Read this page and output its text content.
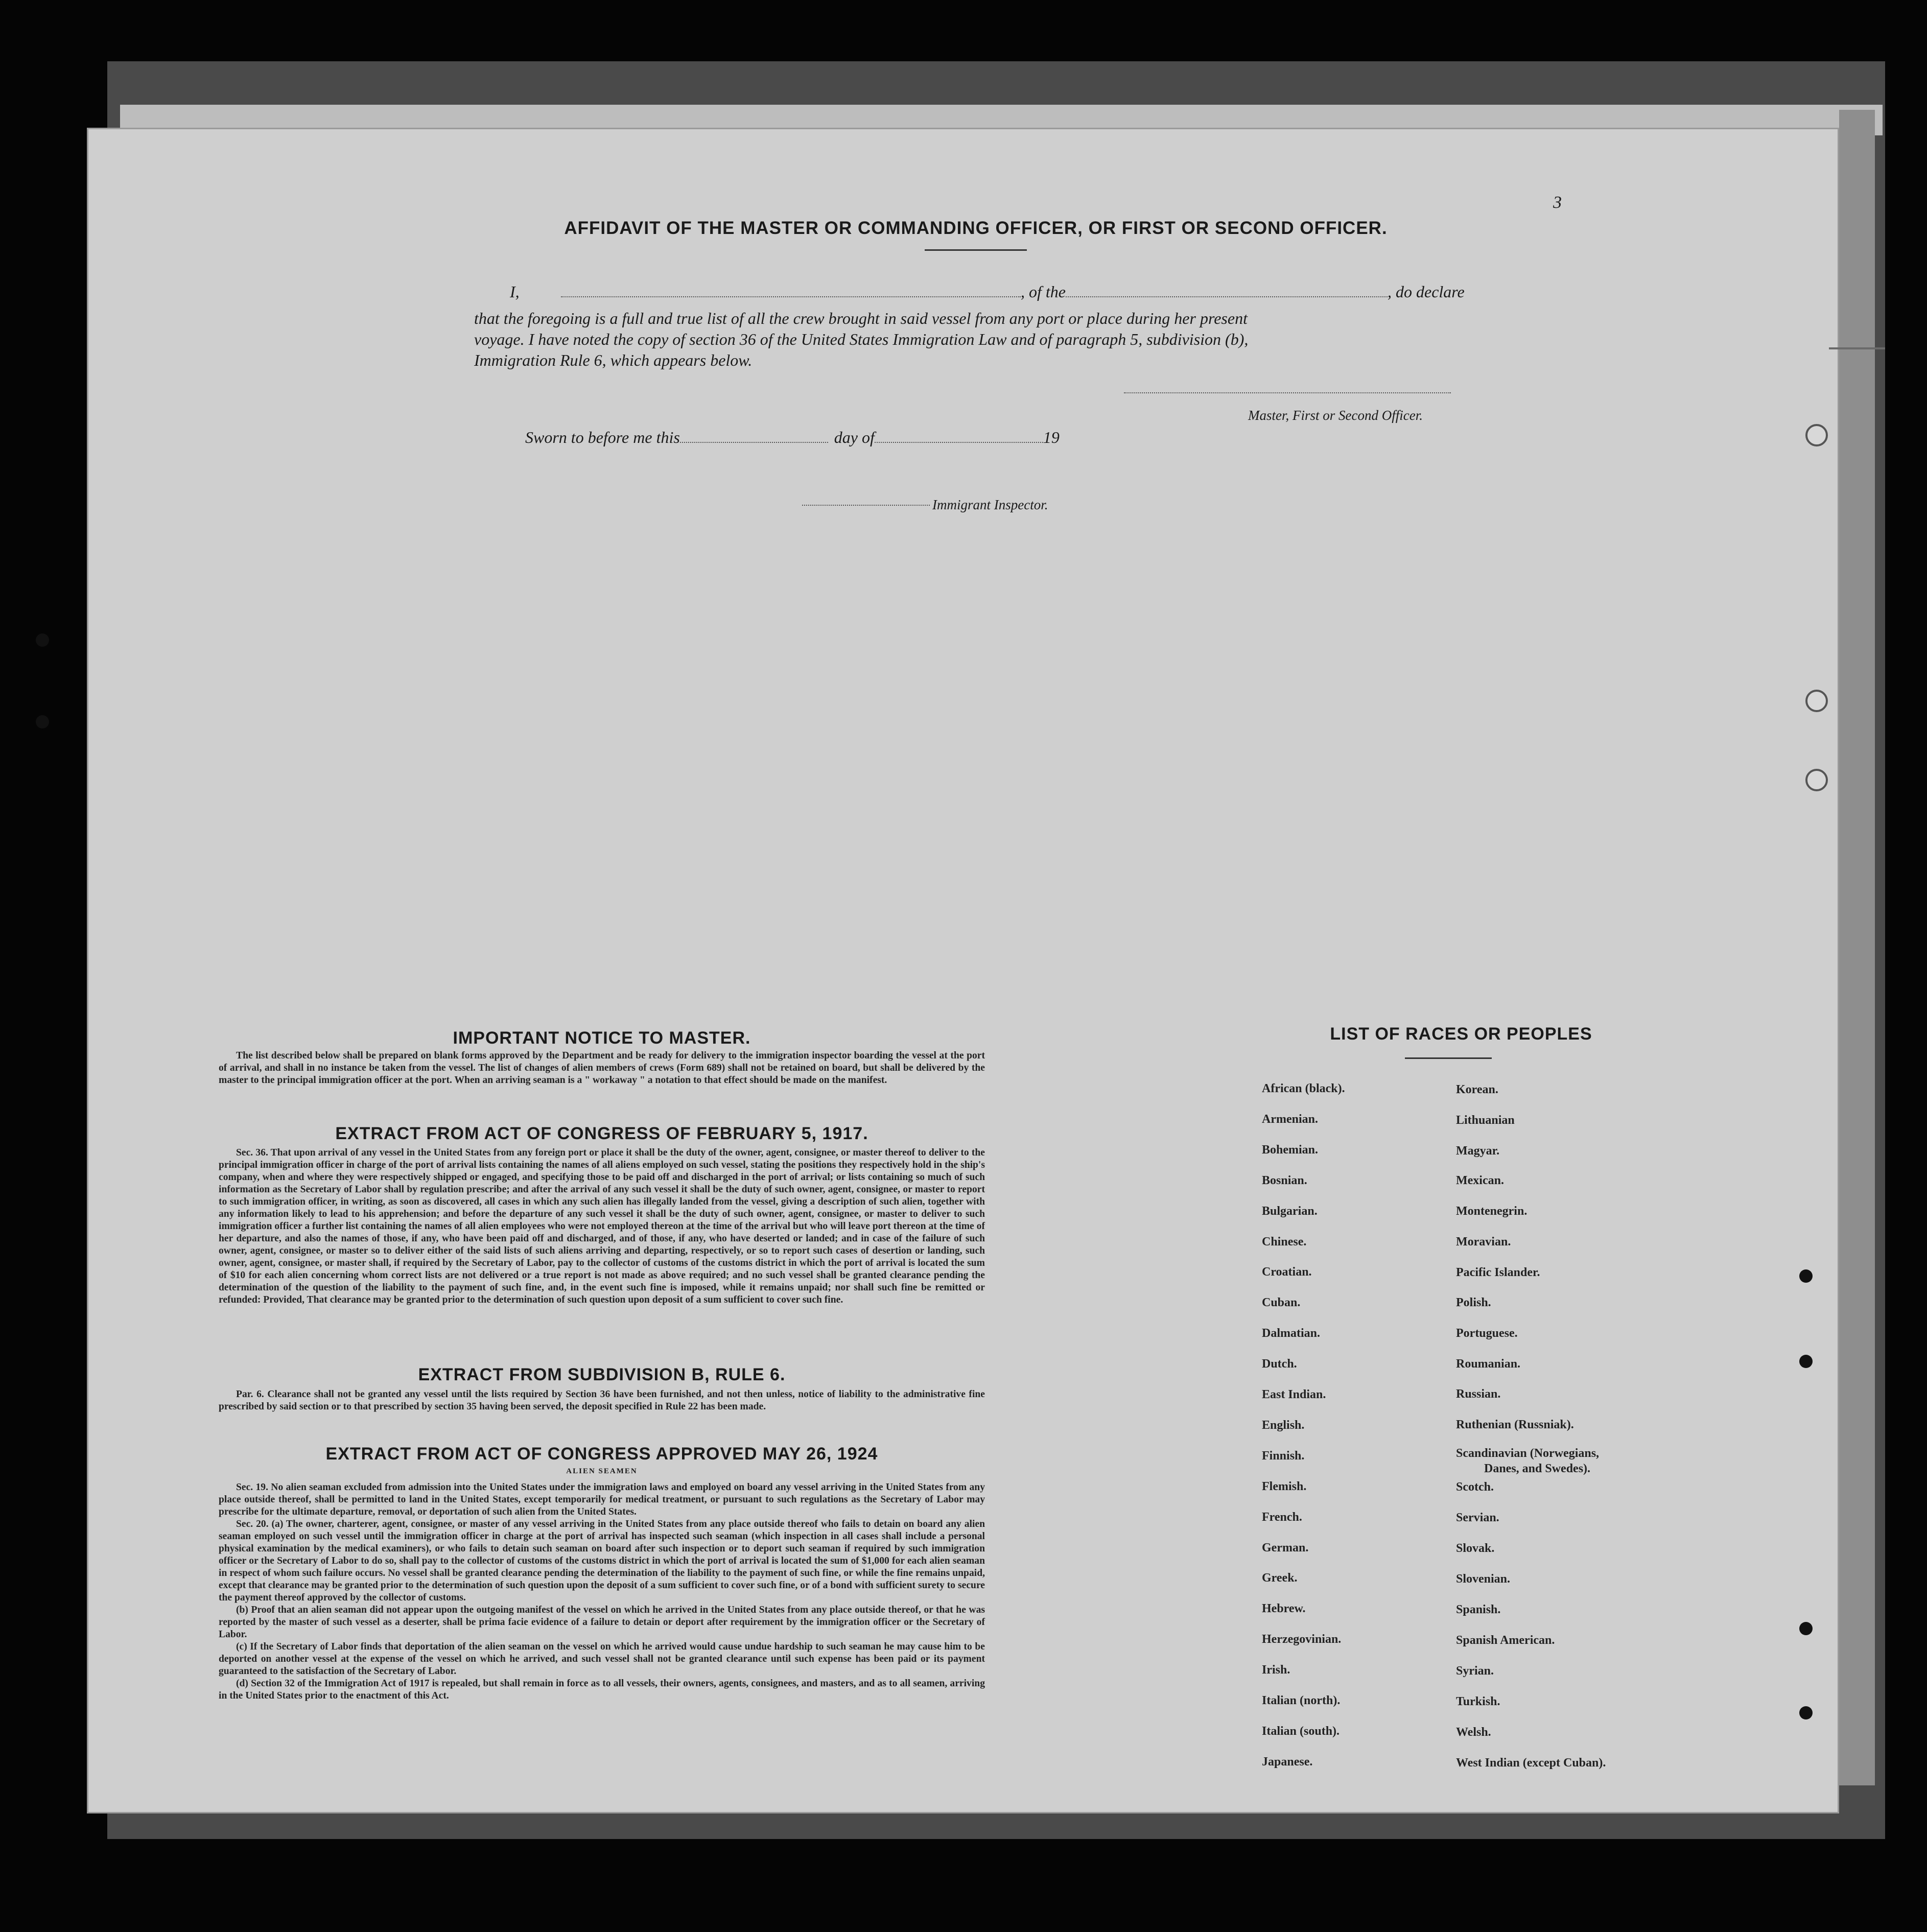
3
AFFIDAVIT OF THE MASTER OR COMMANDING OFFICER, OR FIRST OR SECOND OFFICER.
I,	, of the	, do declare
that the foregoing is a full and true list of all the crew brought in said vessel from any port or place during her present
voyage. I have noted the copy of section 36 of the United States Immigration Law and of paragraph 5, subdivision (b),
Immigration Rule 6, which appears below.
Master, First or Second Officer.
Sworn to before me this	day of	19
Immigrant Inspector.
IMPORTANT NOTICE TO MASTER.

The list described below shall be prepared on blank forms approved by the Department and be ready for delivery to the immigration inspector boarding the vessel at the port of arrival, and shall in no instance be taken from the vessel. The list of changes of alien members of crews (Form 689) shall not be retained on board, but shall be delivered by the master to the principal immigration officer at the port. When an arriving seaman is a " workaway " a notation to that effect should be made on the manifest.

EXTRACT FROM ACT OF CONGRESS OF FEBRUARY 5, 1917.

Sec. 36. That upon arrival of any vessel in the United States from any foreign port or place it shall be the duty of the owner, agent, consignee, or master thereof to deliver to the principal immigration officer in charge of the port of arrival lists containing the names of all aliens employed on such vessel, stating the positions they respectively hold in the ship's company, when and where they were respectively shipped or engaged, and specifying those to be paid off and discharged in the port of arrival; or lists containing so much of such information as the Secretary of Labor shall by regulation prescribe; and after the arrival of any such vessel it shall be the duty of such owner, agent, consignee, or master to report to such immigration officer, in writing, as soon as discovered, all cases in which any such alien has illegally landed from the vessel, giving a description of such alien, together with any information likely to lead to his apprehension; and before the departure of any such vessel it shall be the duty of such owner, agent, consignee, or master to deliver to such immigration officer a further list containing the names of all alien employees who were not employed thereon at the time of the arrival but who will leave port thereon at the time of her departure, and also the names of those, if any, who have been paid off and discharged, and of those, if any, who have deserted or landed; and in case of the failure of such owner, agent, consignee, or master so to deliver either of the said lists of such aliens arriving and departing, respectively, or so to report such cases of desertion or landing, such owner, agent, consignee, or master shall, if required by the Secretary of Labor, pay to the collector of customs of the customs district in which the port of arrival is located the sum of $10 for each alien concerning whom correct lists are not delivered or a true report is not made as above required; and no such vessel shall be granted clearance pending the determination of the question of the liability to the payment of such fine, and, in the event such fine is imposed, while it remains unpaid; nor shall such fine be remitted or refunded: Provided, That clearance may be granted prior to the determination of such question upon deposit of a sum sufficient to cover such fine.

EXTRACT FROM SUBDIVISION B, RULE 6.

Par. 6. Clearance shall not be granted any vessel until the lists required by Section 36 have been furnished, and not then unless, notice of liability to the administrative fine prescribed by said section or to that prescribed by section 35 having been served, the deposit specified in Rule 22 has been made.

EXTRACT FROM ACT OF CONGRESS APPROVED MAY 26, 1924
ALIEN SEAMEN

Sec. 19. No alien seaman excluded from admission into the United States under the immigration laws and employed on board any vessel arriving in the United States from any place outside thereof, shall be permitted to land in the United States, except temporarily for medical treatment, or pursuant to such regulations as the Secretary of Labor may prescribe for the ultimate departure, removal, or deportation of such alien from the United States.

Sec. 20. (a) The owner, charterer, agent, consignee, or master of any vessel arriving in the United States from any place outside thereof who fails to detain on board any alien seaman employed on such vessel until the immigration officer in charge at the port of arrival has inspected such seaman (which inspection in all cases shall include a personal physical examination by the medical examiners), or who fails to detain such seaman on board after such inspection or to deport such seaman if required by such immigration officer or the Secretary of Labor to do so, shall pay to the collector of customs of the customs district in which the port of arrival is located the sum of $1,000 for each alien seaman in respect of whom such failure occurs. No vessel shall be granted clearance pending the determination of the liability to the payment of such fine, or while the fine remains unpaid, except that clearance may be granted prior to the determination of such question upon the deposit of a sum sufficient to cover such fine, or of a bond with sufficient surety to secure the payment thereof approved by the collector of customs.

(b) Proof that an alien seaman did not appear upon the outgoing manifest of the vessel on which he arrived in the United States from any place outside thereof, or that he was reported by the master of such vessel as a deserter, shall be prima facie evidence of a failure to detain or deport after requirement by the immigration officer or the Secretary of Labor.

(c) If the Secretary of Labor finds that deportation of the alien seaman on the vessel on which he arrived would cause undue hardship to such seaman he may cause him to be deported on another vessel at the expense of the vessel on which he arrived, and such vessel shall not be granted clearance until such expense has been paid or its payment guaranteed to the satisfaction of the Secretary of Labor.

(d) Section 32 of the Immigration Act of 1917 is repealed, but shall remain in force as to all vessels, their owners, agents, consignees, and masters, and as to all seamen, arriving in the United States prior to the enactment of this Act.

LIST OF RACES OR PEOPLES
African (black).
Armenian.
Bohemian.
Bosnian.
Bulgarian.
Chinese.
Croatian.
Cuban.
Dalmatian.
Dutch.
East Indian.
English.
Finnish.
Flemish.
French.
German.
Greek.
Hebrew.
Herzegovinian.
Irish.
Italian (north).
Italian (south).
Japanese.
Korean.
Lithuanian
Magyar.
Mexican.
Montenegrin.
Moravian.
Pacific Islander.
Polish.
Portuguese.
Roumanian.
Russian.
Ruthenian (Russniak).
Scandinavian (Norwegians,
Danes, and Swedes).
Scotch.
Servian.
Slovak.
Slovenian.
Spanish.
Spanish American.
Syrian.
Turkish.
Welsh.
West Indian (except Cuban).
